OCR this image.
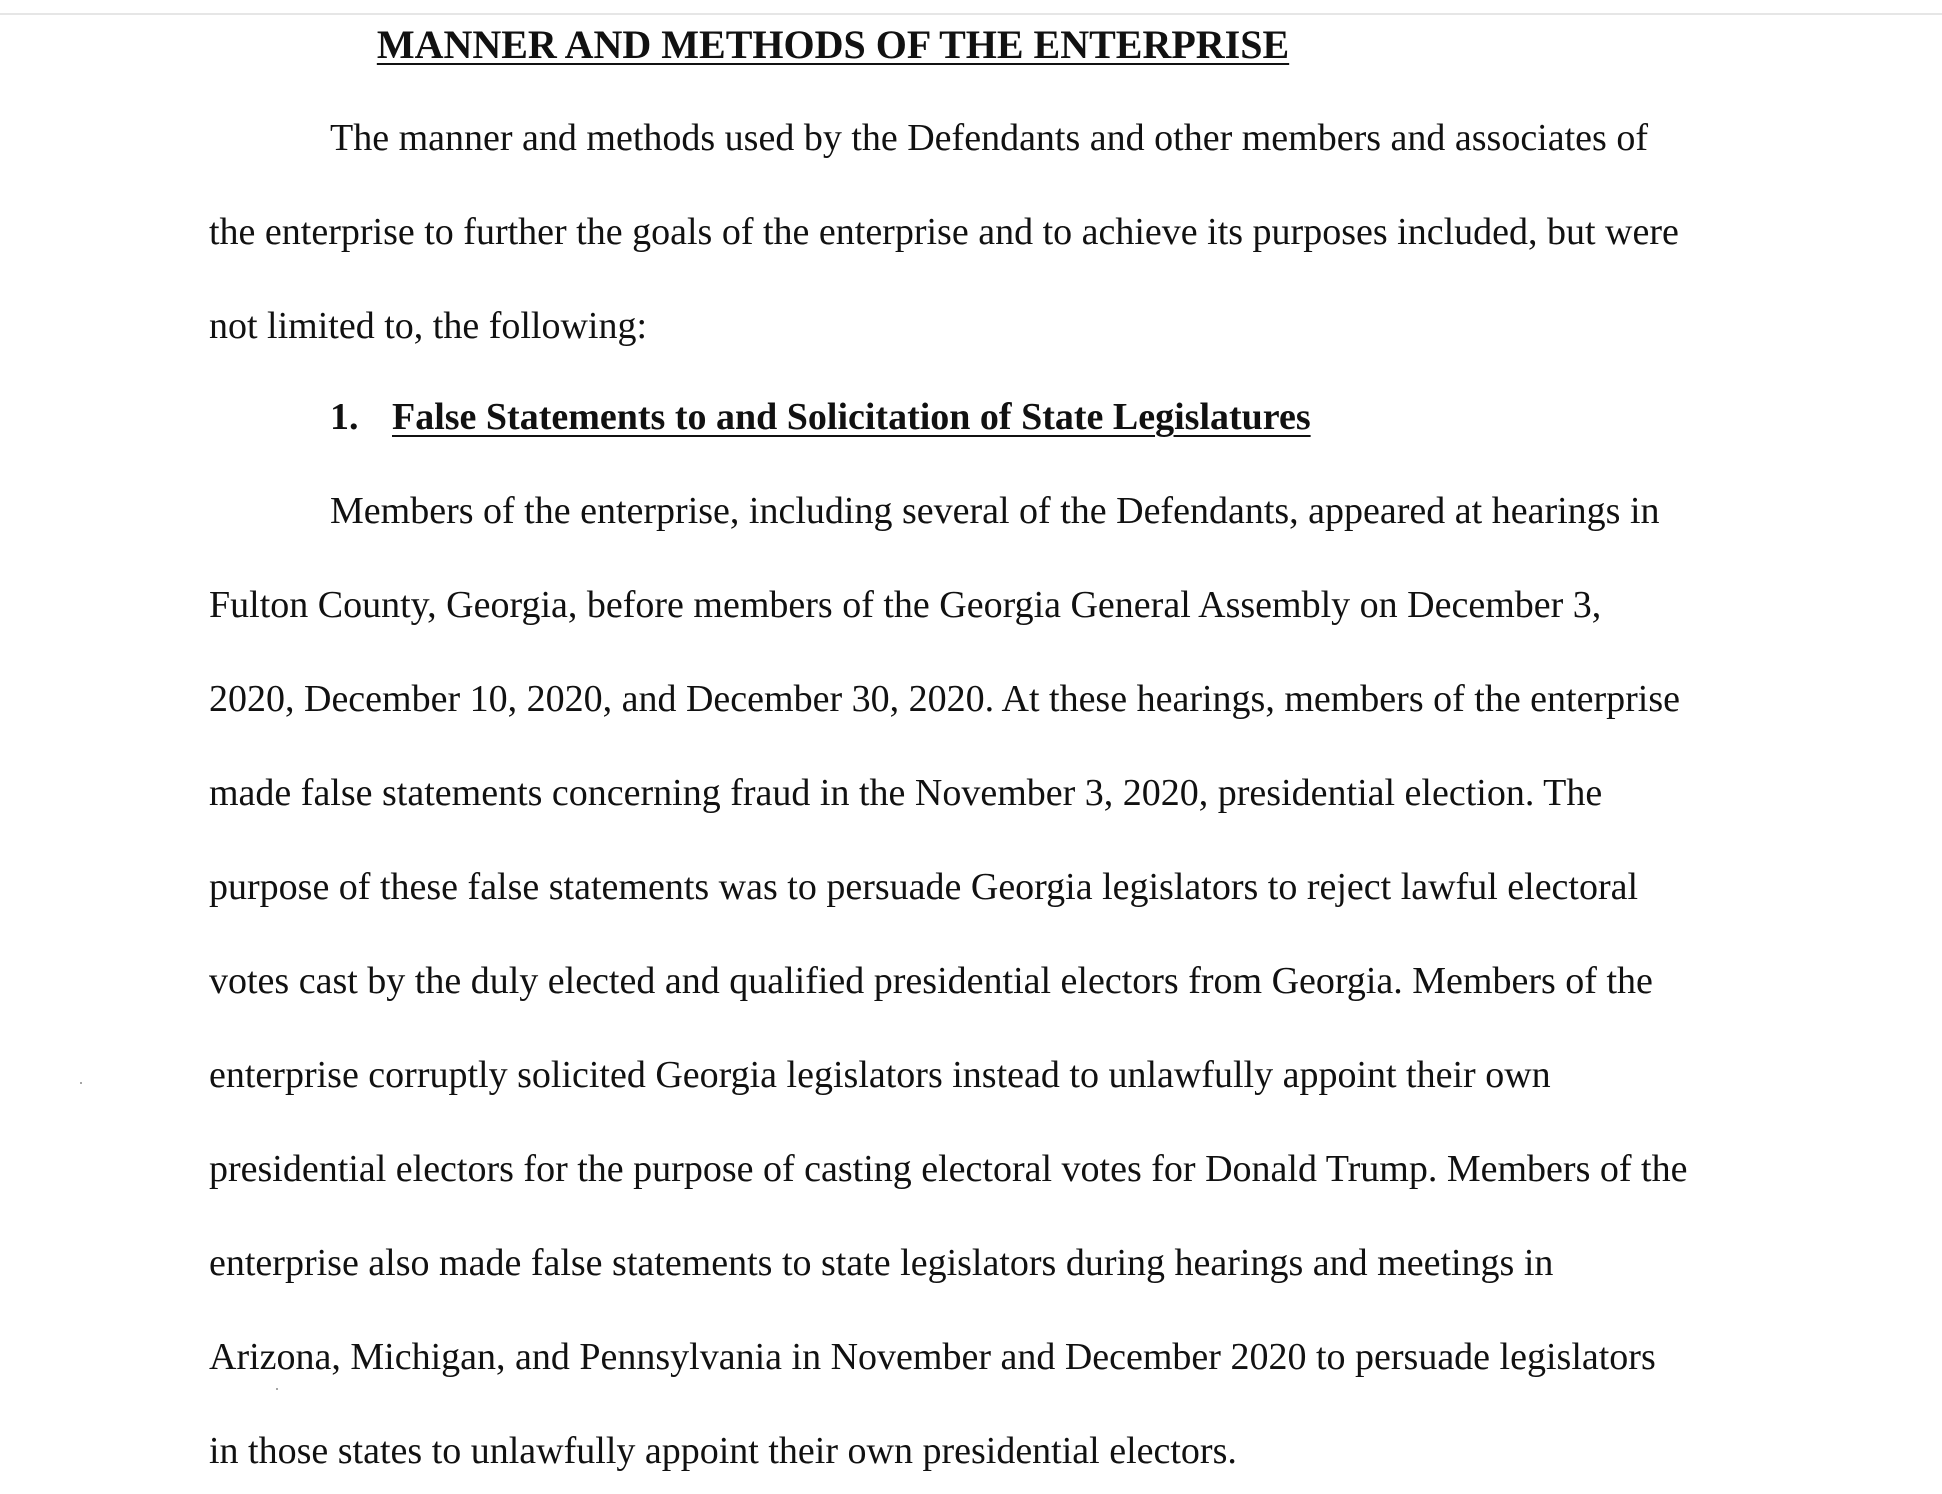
MANNER AND METHODS OF THE ENTERPRISE
The manner and methods used by the Defendants and other members and associates of
the enterprise to further the goals of the enterprise and to achieve its purposes included, but were
not limited to, the following:
1. False Statements to and Solicitation of State Legislatures
Members of the enterprise, including several of the Defendants, appeared at hearings in
Fulton County, Georgia, before members of the Georgia General Assembly on December 3,
2020, December 10, 2020, and December 30, 2020. At these hearings, members of the enterprise
made false statements concerning fraud in the November 3, 2020, presidential election. The
purpose of these false statements was to persuade Georgia legislators to reject lawful electoral
votes cast by the duly elected and qualified presidential electors from Georgia. Members of the
enterprise corruptly solicited Georgia legislators instead to unlawfully appoint their own
presidential electors for the purpose of casting electoral votes for Donald Trump. Members of the
enterprise also made false statements to state legislators during hearings and meetings in
Arizona, Michigan, and Pennsylvania in November and December 2020 to persuade legislators
in those states to unlawfully appoint their own presidential electors.
